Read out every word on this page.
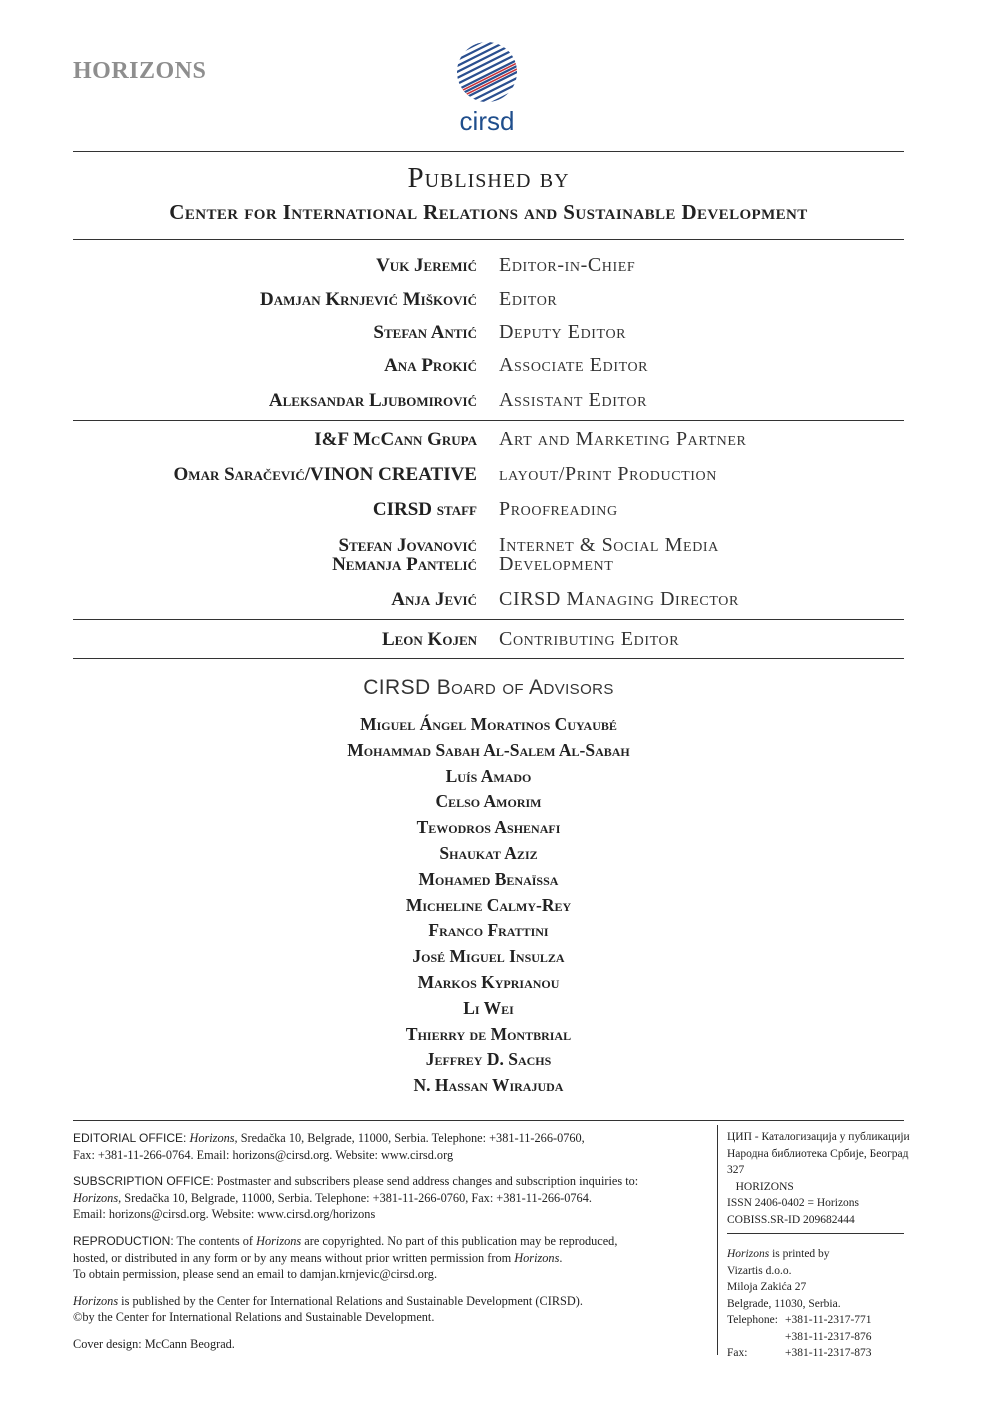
HORIZONS
cirsd
Published by
Center for International Relations and Sustainable Development
Vuk Jeremić Editor-in-Chief
Damjan Krnjević Mišković Editor
Stefan Antić Deputy Editor
Ana Prokić Associate Editor
Aleksandar Ljubomirović Assistant Editor
I&F McCann Grupa Art and Marketing Partner
Omar Saračević/VINON CREATIVE layout/Print Production
CIRSD staff Proofreading
Stefan Jovanović Internet & Social Media
Nemanja Pantelić Development
Anja Jević CIRSD Managing Director
Leon Kojen Contributing Editor
CIRSD Board of Advisors
Miguel Ángel Moratinos Cuyaubé
Mohammad Sabah Al-Salem Al-Sabah
Luís Amado
Celso Amorim
Tewodros Ashenafi
Shaukat Aziz
Mohamed Benaïssa
Micheline Calmy-Rey
Franco Frattini
José Miguel Insulza
Markos Kyprianou
Li Wei
Thierry de Montbrial
Jeffrey D. Sachs
N. Hassan Wirajuda

EDITORIAL OFFICE: Horizons, Sredačka 10, Belgrade, 11000, Serbia. Telephone: +381-11-266-0760,
Fax: +381-11-266-0764. Email: horizons@cirsd.org. Website: www.cirsd.org

SUBSCRIPTION OFFICE: Postmaster and subscribers please send address changes and subscription inquiries to:
Horizons, Sredačka 10, Belgrade, 11000, Serbia. Telephone: +381-11-266-0760, Fax: +381-11-266-0764.
Email: horizons@cirsd.org. Website: www.cirsd.org/horizons

REPRODUCTION: The contents of Horizons are copyrighted. No part of this publication may be reproduced,
hosted, or distributed in any form or by any means without prior written permission from Horizons.
To obtain permission, please send an email to damjan.krnjevic@cirsd.org.

Horizons is published by the Center for International Relations and Sustainable Development (CIRSD).
©by the Center for International Relations and Sustainable Development.

Cover design: McCann Beograd.

ЦИП - Каталогизација у публикацији
Народна библиотека Србије, Београд
327
HORIZONS
ISSN 2406-0402 = Horizons
COBISS.SR-ID 209682444
Horizons is printed by
Vizartis d.o.o.
Miloja Zakića 27
Belgrade, 11030, Serbia.
Telephone: +381-11-2317-771
+381-11-2317-876
Fax:	+381-11-2317-873
